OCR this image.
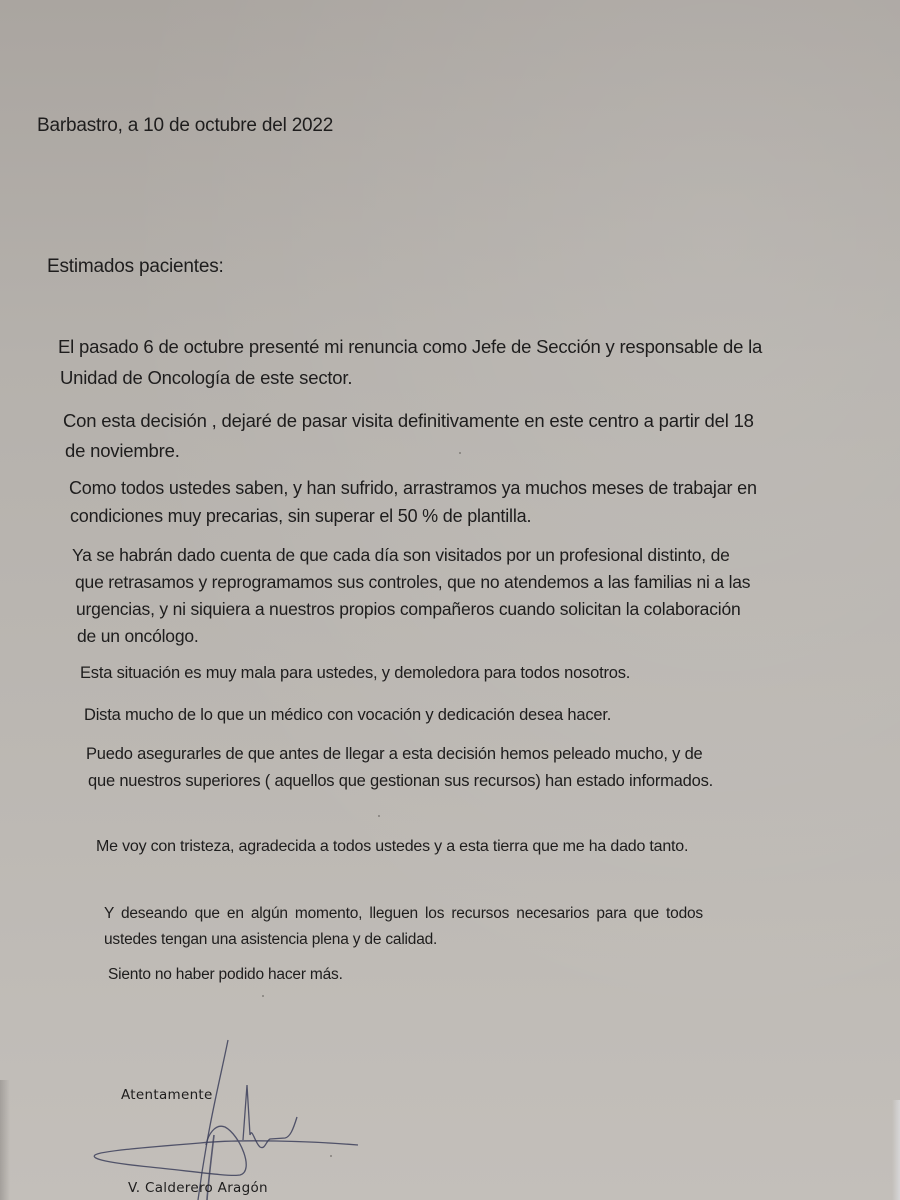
Barbastro, a 10 de octubre del 2022
Estimados pacientes:
El pasado 6 de octubre presenté mi renuncia como Jefe de Sección y responsable de la
Unidad de Oncología de este sector.
Con esta decisión , dejaré de pasar visita definitivamente en este centro a partir del 18
de noviembre.
Como todos ustedes saben, y han sufrido, arrastramos ya muchos meses de trabajar en
condiciones muy precarias, sin superar el 50 % de plantilla.
Ya se habrán dado cuenta de que cada día son visitados por un profesional distinto, de
que retrasamos y reprogramamos sus controles, que no atendemos a las familias ni a las
urgencias, y ni siquiera a nuestros propios compañeros cuando solicitan la colaboración
de un oncólogo.
Esta situación es muy mala para ustedes, y demoledora para todos nosotros.
Dista mucho de lo que un médico con vocación y dedicación desea hacer.
Puedo asegurarles de que antes de llegar a esta decisión hemos peleado mucho, y de
que nuestros superiores ( aquellos que gestionan sus recursos) han estado informados.
Me voy con tristeza, agradecida a todos ustedes y a esta tierra que me ha dado tanto.
Y deseando que en algún momento, lleguen los recursos necesarios para que todos
ustedes tengan una asistencia plena y de calidad.
Siento no haber podido hacer más.
Atentamente
V. Calderero Aragón
